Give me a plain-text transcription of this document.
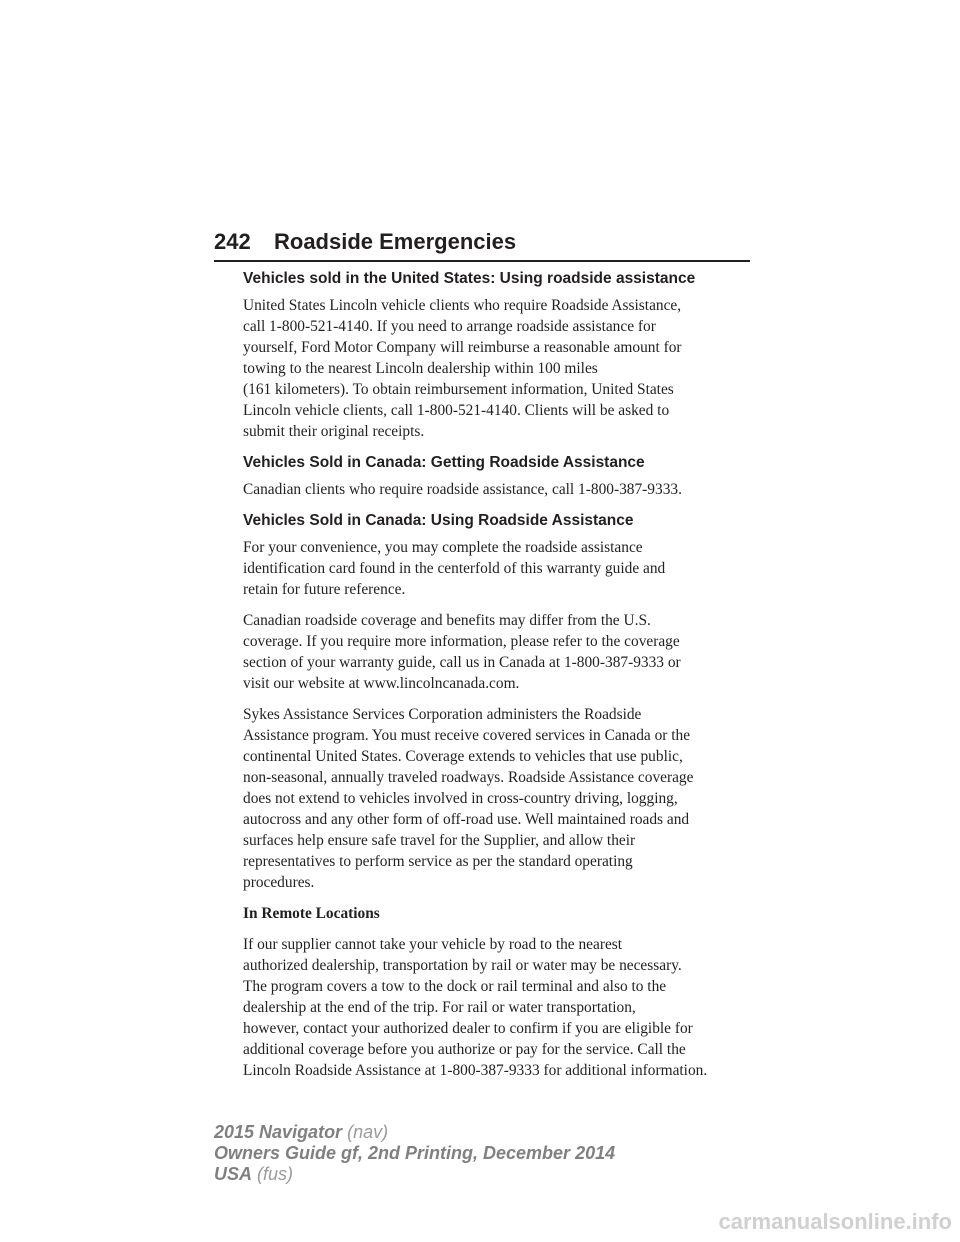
242 Roadside Emergencies
Vehicles sold in the United States: Using roadside assistance
United States Lincoln vehicle clients who require Roadside Assistance,
call 1-800-521-4140. If you need to arrange roadside assistance for
yourself, Ford Motor Company will reimburse a reasonable amount for
towing to the nearest Lincoln dealership within 100 miles
(161 kilometers). To obtain reimbursement information, United States
Lincoln vehicle clients, call 1-800-521-4140. Clients will be asked to
submit their original receipts.
Vehicles Sold in Canada: Getting Roadside Assistance
Canadian clients who require roadside assistance, call 1-800-387-9333.
Vehicles Sold in Canada: Using Roadside Assistance
For your convenience, you may complete the roadside assistance
identification card found in the centerfold of this warranty guide and
retain for future reference.
Canadian roadside coverage and benefits may differ from the U.S.
coverage. If you require more information, please refer to the coverage
section of your warranty guide, call us in Canada at 1-800-387-9333 or
visit our website at www.lincolncanada.com.
Sykes Assistance Services Corporation administers the Roadside
Assistance program. You must receive covered services in Canada or the
continental United States. Coverage extends to vehicles that use public,
non-seasonal, annually traveled roadways. Roadside Assistance coverage
does not extend to vehicles involved in cross-country driving, logging,
autocross and any other form of off-road use. Well maintained roads and
surfaces help ensure safe travel for the Supplier, and allow their
representatives to perform service as per the standard operating
procedures.
In Remote Locations
If our supplier cannot take your vehicle by road to the nearest
authorized dealership, transportation by rail or water may be necessary.
The program covers a tow to the dock or rail terminal and also to the
dealership at the end of the trip. For rail or water transportation,
however, contact your authorized dealer to confirm if you are eligible for
additional coverage before you authorize or pay for the service. Call the
Lincoln Roadside Assistance at 1-800-387-9333 for additional information.
2015 Navigator (nav)
Owners Guide gf, 2nd Printing, December 2014
USA (fus)
carmanualsonline.info
